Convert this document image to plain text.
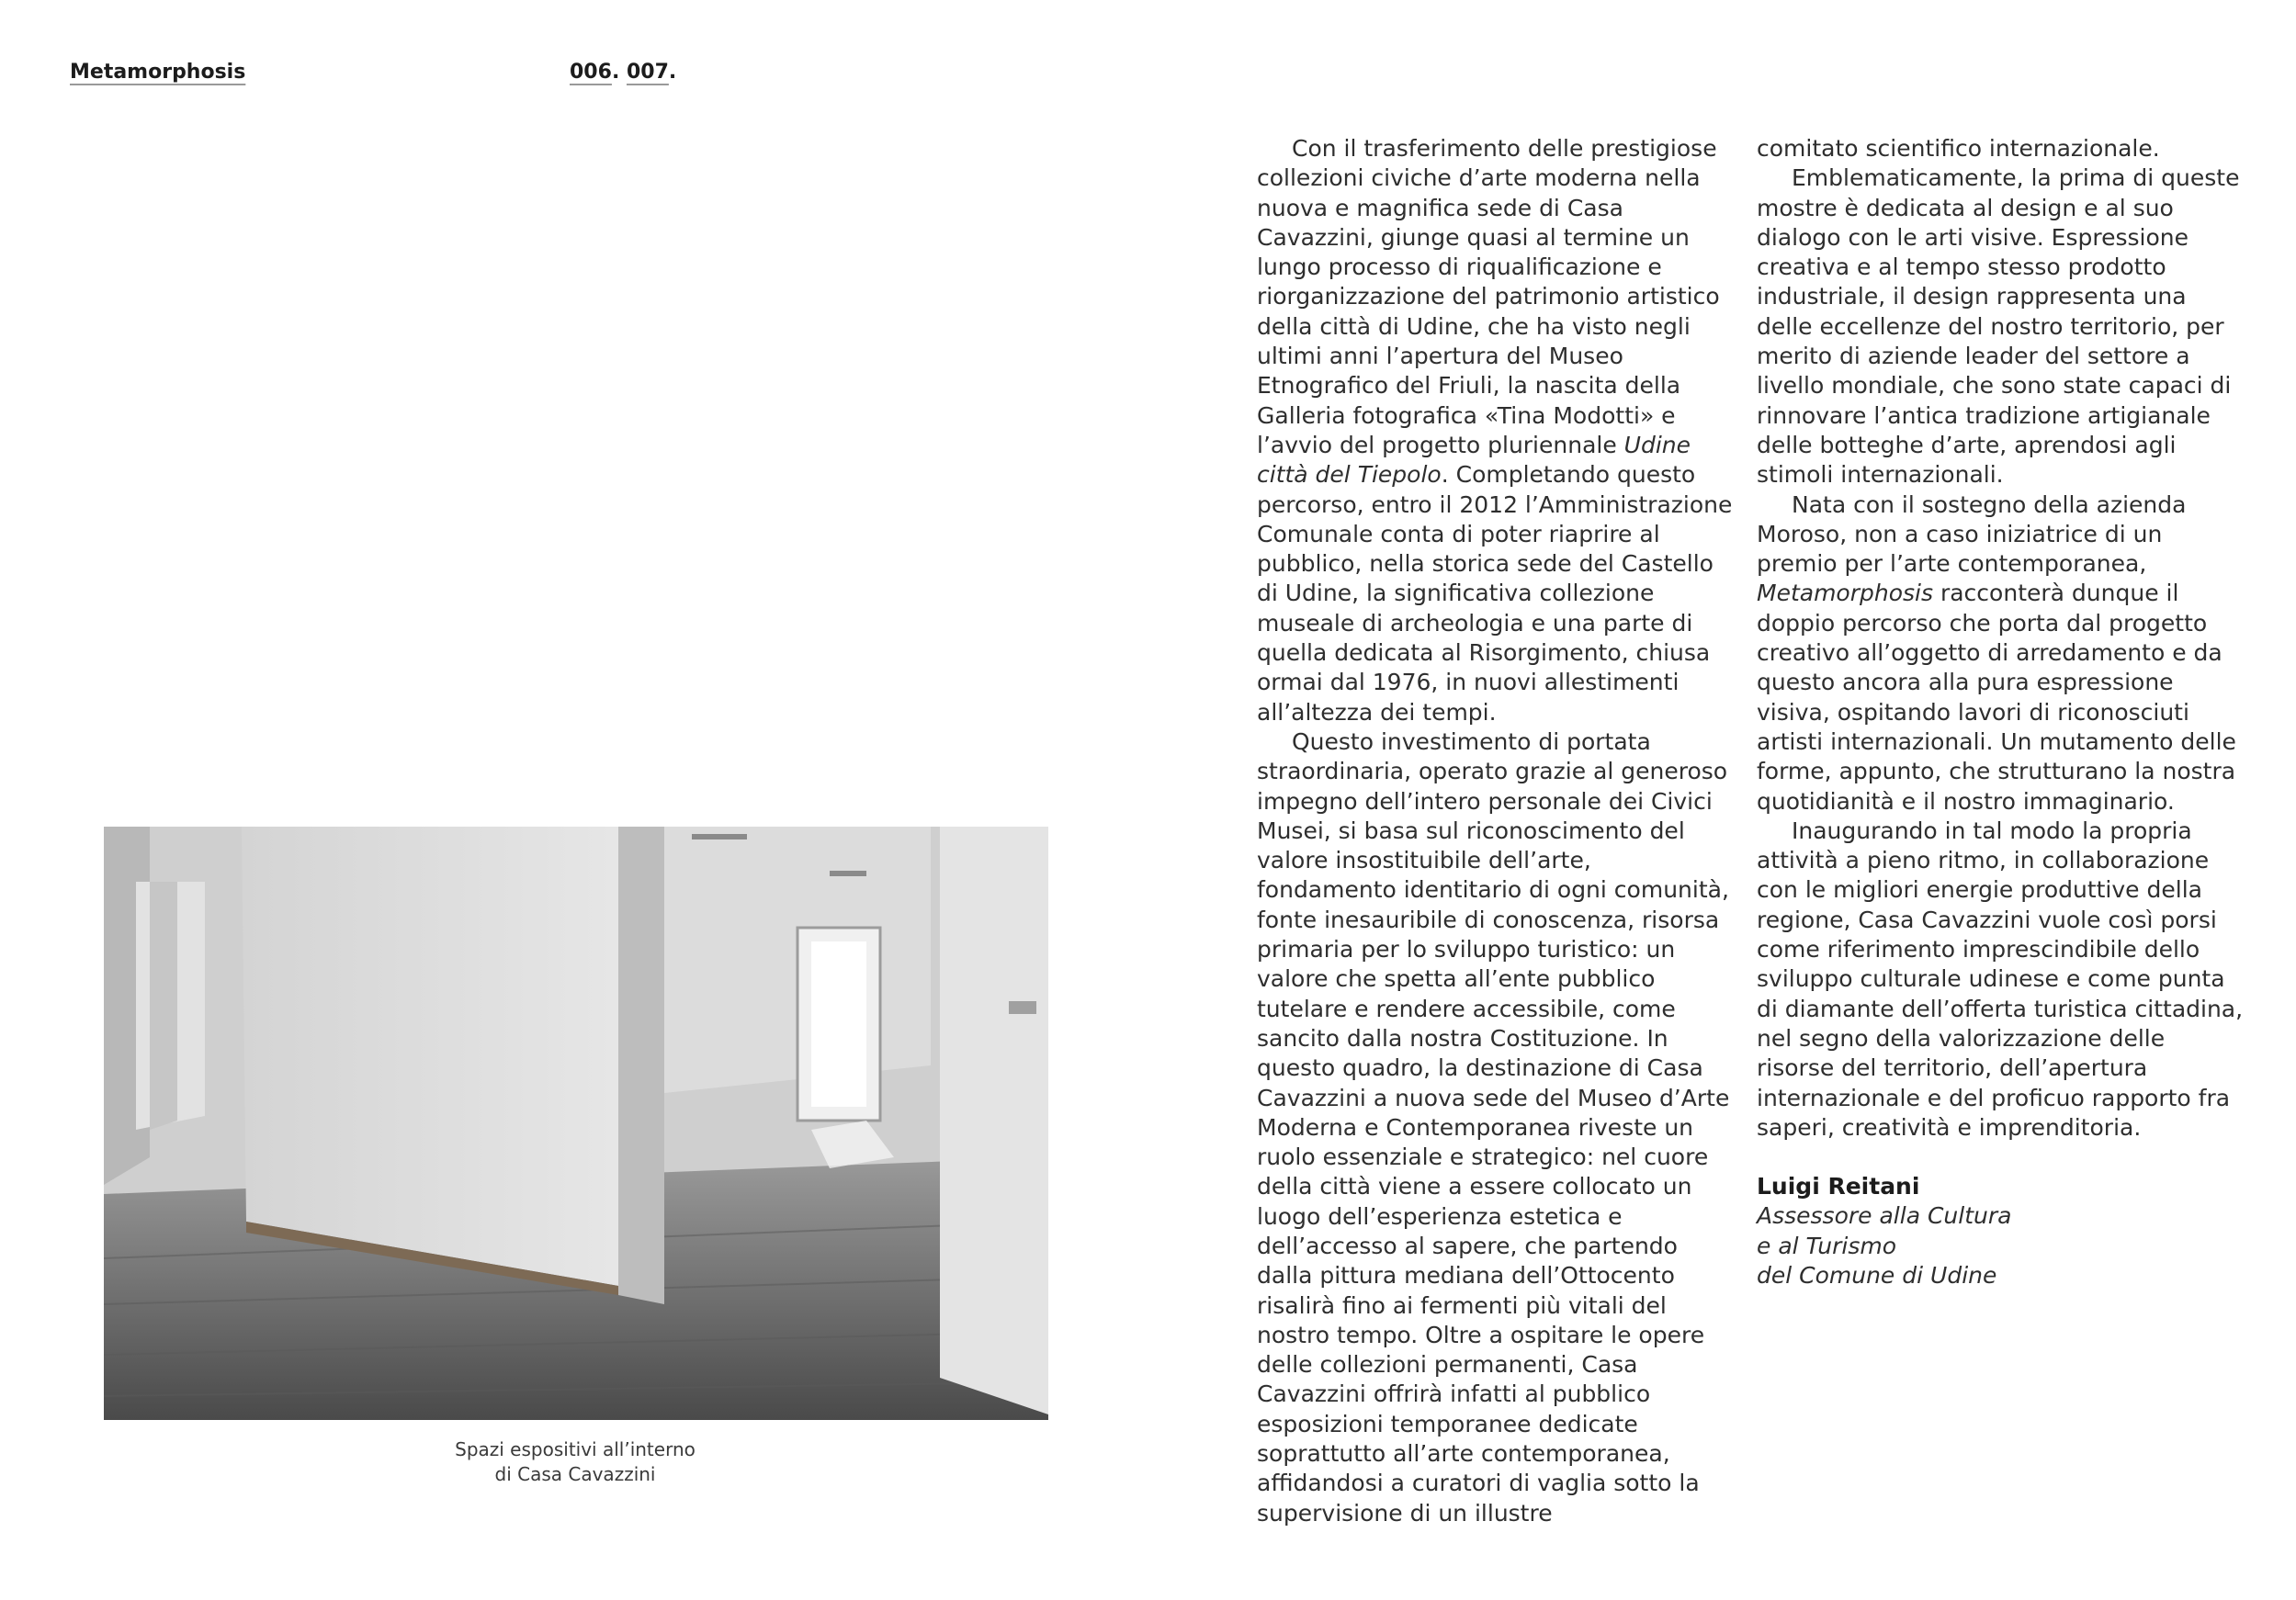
Metamorphosis	006. 007.
Spazi espositivi all’interno
di Casa Cavazzini

Con il trasferimento delle prestigiose collezioni civiche d’arte moderna nella nuova e magnifica sede di Casa Cavazzini, giunge quasi al termine un lungo processo di riqualificazione e riorganizzazione del patrimonio artistico della città di Udine, che ha visto negli ultimi anni l’apertura del Museo Etnografico del Friuli, la nascita della Galleria fotografica «Tina Modotti» e l’avvio del progetto pluriennale Udine città del Tiepolo. Completando questo percorso, entro il 2012 l’Amministrazione Comunale conta di poter riaprire al pubblico, nella storica sede del Castello di Udine, la significativa collezione museale di archeologia e una parte di quella dedicata al Risorgimento, chiusa ormai dal 1976, in nuovi allestimenti all’altezza dei tempi.

Questo investimento di portata straordinaria, operato grazie al generoso impegno dell’intero personale dei Civici Musei, si basa sul riconoscimento del valore insostituibile dell’arte, fondamento identitario di ogni comunità, fonte inesauribile di conoscenza, risorsa primaria per lo sviluppo turistico: un valore che spetta all’ente pubblico tutelare e rendere accessibile, come sancito dalla nostra Costituzione. In questo quadro, la destinazione di Casa Cavazzini a nuova sede del Museo d’Arte Moderna e Contemporanea riveste un ruolo essenziale e strategico: nel cuore della città viene a essere collocato un luogo dell’esperienza estetica e dell’accesso al sapere, che partendo dalla pittura mediana dell’Ottocento risalirà fino ai fermenti più vitali del nostro tempo. Oltre a ospitare le opere delle collezioni permanenti, Casa Cavazzini offrirà infatti al pubblico esposizioni temporanee dedicate soprattutto all’arte contemporanea, affidandosi a curatori di vaglia sotto la supervisione di un illustre

comitato scientifico internazionale.

Emblematicamente, la prima di queste mostre è dedicata al design e al suo dialogo con le arti visive. Espressione creativa e al tempo stesso prodotto industriale, il design rappresenta una delle eccellenze del nostro territorio, per merito di aziende leader del settore a livello mondiale, che sono state capaci di rinnovare l’antica tradizione artigianale delle botteghe d’arte, aprendosi agli stimoli internazionali.

Nata con il sostegno della azienda Moroso, non a caso iniziatrice di un premio per l’arte contemporanea, Metamorphosis racconterà dunque il doppio percorso che porta dal progetto creativo all’oggetto di arredamento e da questo ancora alla pura espressione visiva, ospitando lavori di riconosciuti artisti internazionali. Un mutamento delle forme, appunto, che strutturano la nostra quotidianità e il nostro immaginario.

Inaugurando in tal modo la propria attività a pieno ritmo, in collaborazione con le migliori energie produttive della regione, Casa Cavazzini vuole così porsi come riferimento imprescindibile dello sviluppo culturale udinese e come punta di diamante dell’offerta turistica cittadina, nel segno della valorizzazione delle risorse del territorio, dell’apertura internazionale e del proficuo rapporto fra saperi, creatività e imprenditoria.

Luigi Reitani
Assessore alla Cultura
e al Turismo
del Comune di Udine
